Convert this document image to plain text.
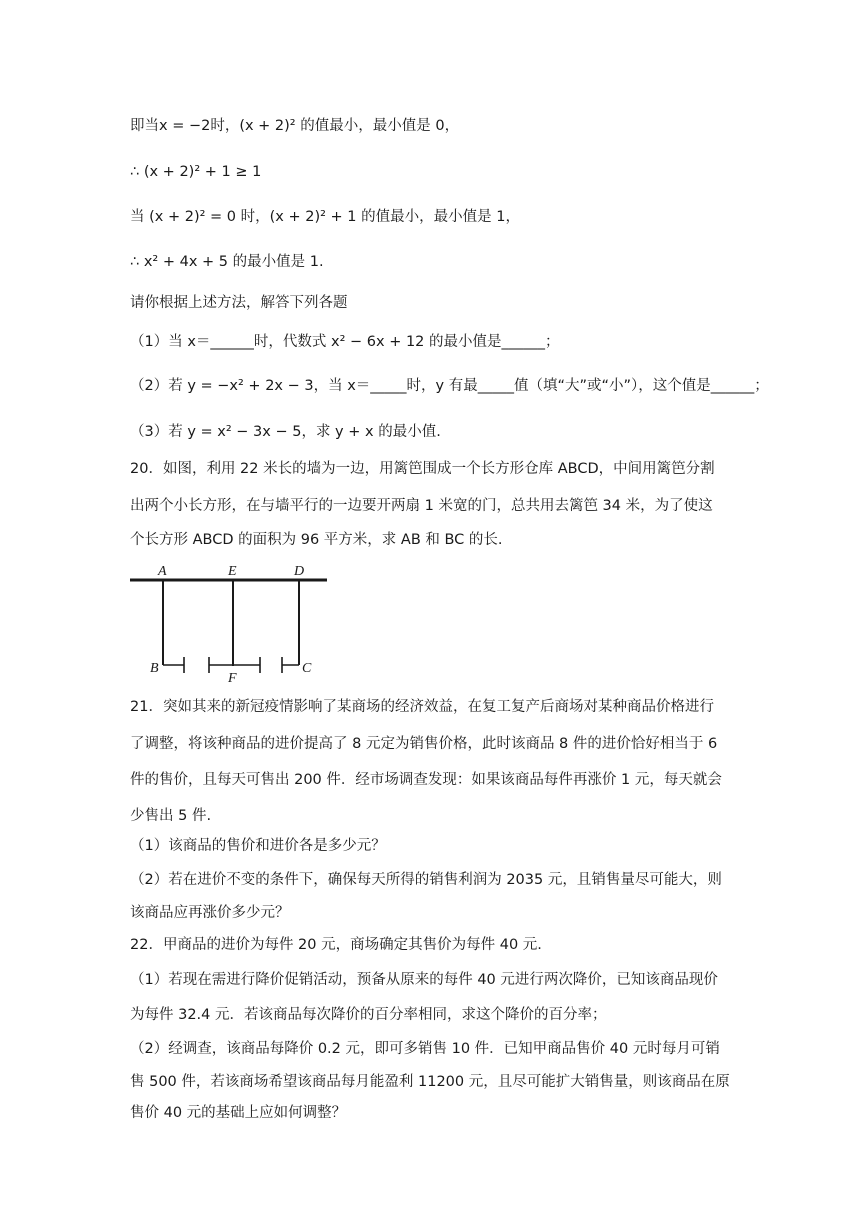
即当x = −2时，(x + 2)² 的值最小，最小值是 0，
∴ (x + 2)² + 1 ≥ 1
当 (x + 2)² = 0 时，(x + 2)² + 1 的值最小，最小值是 1，
∴ x² + 4x + 5 的最小值是 1.
请你根据上述方法，解答下列各题
（1）当 x＝______时，代数式 x² − 6x + 12 的最小值是______；
（2）若 y = −x² + 2x − 3，当 x＝_____时，y 有最_____值（填“大”或“小”），这个值是______；
（3）若 y = x² − 3x − 5，求 y + x 的最小值.
20．如图，利用 22 米长的墙为一边，用篱笆围成一个长方形仓库 ABCD，中间用篱笆分割
出两个小长方形，在与墙平行的一边要开两扇 1 米宽的门，总共用去篱笆 34 米，为了使这
个长方形 ABCD 的面积为 96 平方米，求 AB 和 BC 的长.
A	E	D
B
F
C
21．突如其来的新冠疫情影响了某商场的经济效益，在复工复产后商场对某种商品价格进行
了调整，将该种商品的进价提高了 8 元定为销售价格，此时该商品 8 件的进价恰好相当于 6
件的售价，且每天可售出 200 件．经市场调查发现：如果该商品每件再涨价 1 元，每天就会
少售出 5 件.
（1）该商品的售价和进价各是多少元？
（2）若在进价不变的条件下，确保每天所得的销售利润为 2035 元，且销售量尽可能大，则
该商品应再涨价多少元？
22．甲商品的进价为每件 20 元，商场确定其售价为每件 40 元.
（1）若现在需进行降价促销活动，预备从原来的每件 40 元进行两次降价，已知该商品现价
为每件 32.4 元．若该商品每次降价的百分率相同，求这个降价的百分率；
（2）经调查，该商品每降价 0.2 元，即可多销售 10 件．已知甲商品售价 40 元时每月可销
售 500 件，若该商场希望该商品每月能盈利 11200 元，且尽可能扩大销售量，则该商品在原
售价 40 元的基础上应如何调整？
